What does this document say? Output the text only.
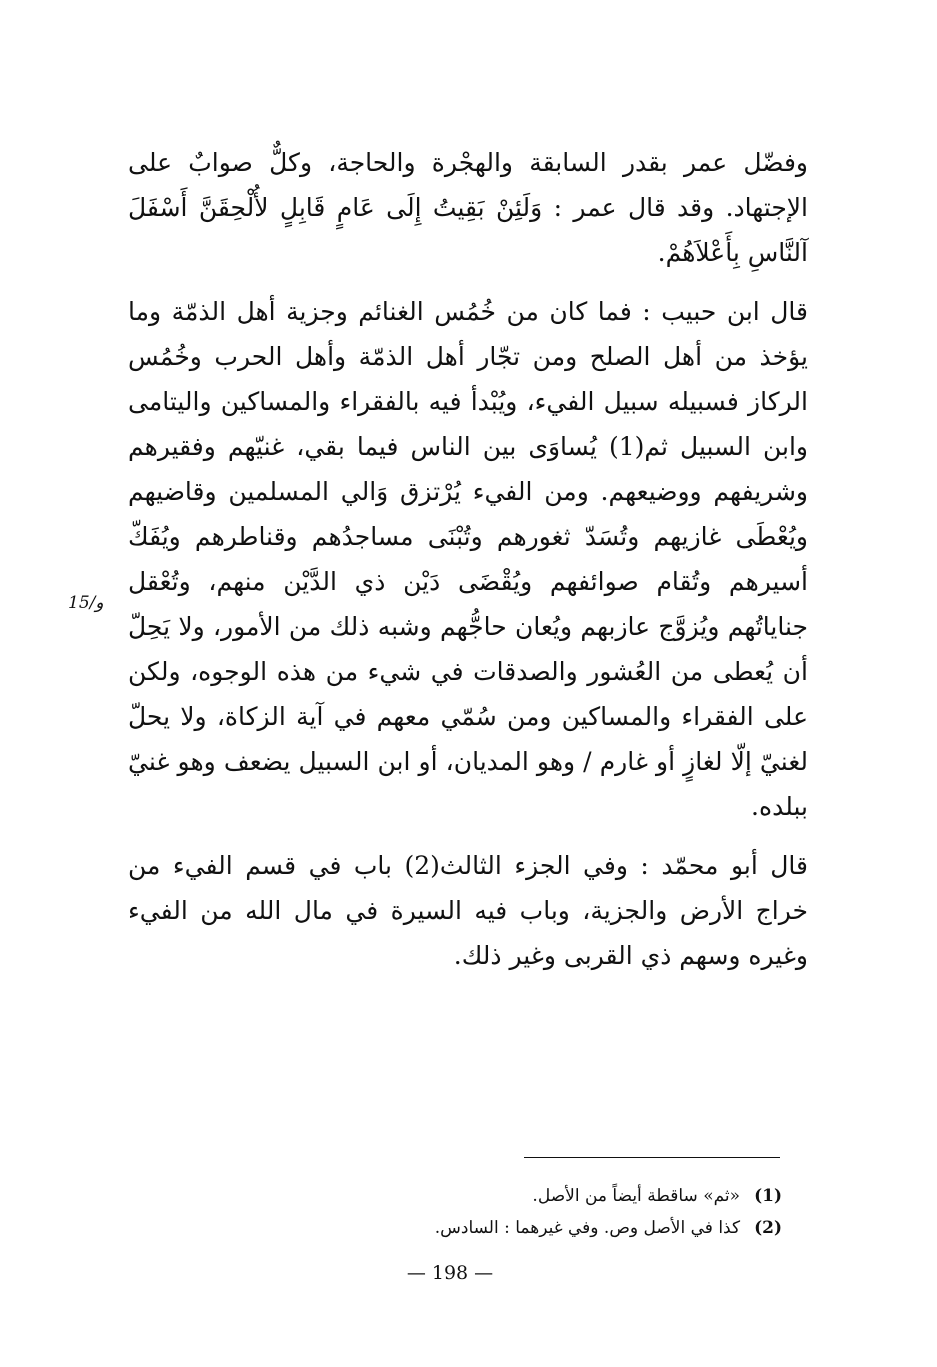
وفضّل عمر بقدر السابقة والهجْرة والحاجة، وكلٌّ صوابٌ على الإجتهاد. وقد قال عمر : وَلَئِنْ بَقِيتُ إِلَى عَامٍ قَابِلٍ لأُلْحِقَنَّ أَسْفَلَ آلنَّاسِ بِأَعْلاَهُمْ.

قال ابن حبيب : فما كان من خُمُس الغنائم وجزية أهل الذمّة وما يؤخذ من أهل الصلح ومن تجّار أهل الذمّة وأهل الحرب وخُمُس الركاز فسبيله سبيل الفيء، ويُبْدأ فيه بالفقراء والمساكين واليتامى وابن السبيل ثم(1) يُساوَى بين الناس فيما بقي، غنيّهم وفقيرهم وشريفهم ووضيعهم. ومن الفيء يُرْتزق وَالي المسلمين وقاضيهم ويُعْطَى غازيهم وتُسَدّ ثغورهم وتُبْنَى مساجدُهم وقناطرهم ويُفَكّ أسيرهم وتُقام صوائفهم ويُقْضَى دَيْن ذي الدَّيْن منهم، وتُعْقل جناياتُهم ويُزوَّج عازبهم ويُعان حاجُّهم وشبه ذلك من الأمور، ولا يَحِلّ أن يُعطى من العُشور والصدقات في شيء من هذه الوجوه، ولكن على الفقراء والمساكين ومن سُمّي معهم في آية الزكاة، ولا يحلّ لغنيّ إلّا لغازٍ أو غارم / وهو المديان، أو ابن السبيل يضعف وهو غنيّ ببلده.

قال أبو محمّد : وفي الجزء الثالث(2) باب في قسم الفيء من خراج الأرض والجزية، وباب فيه السيرة في مال الله من الفيء وغيره وسهم ذي القربى وغير ذلك.

15/و
(1)
«ثم» ساقطة أيضاً من الأصل.
(2)
كذا في الأصل وص. وفي غيرهما : السادس.
— 198 —
